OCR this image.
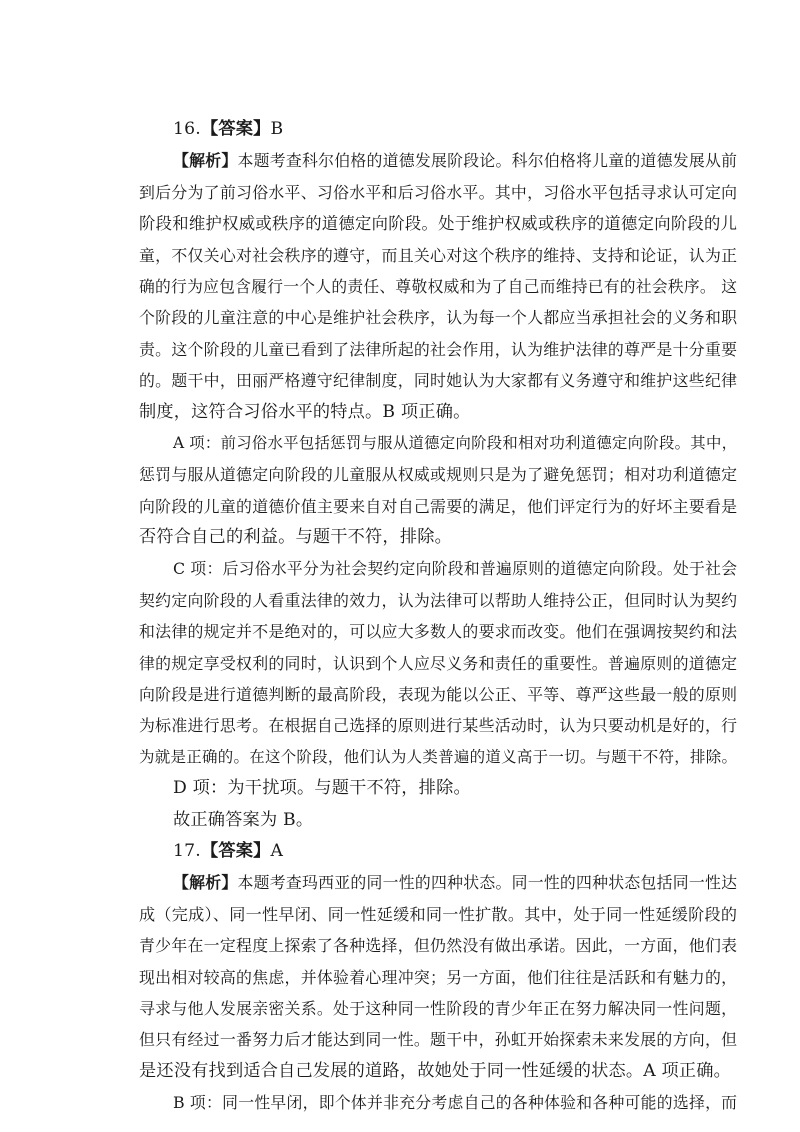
16.【答案】B
【解析】本题考查科尔伯格的道德发展阶段论。科尔伯格将儿童的道德发展从前
到后分为了前习俗水平、习俗水平和后习俗水平。其中，习俗水平包括寻求认可定向
阶段和维护权威或秩序的道德定向阶段。处于维护权威或秩序的道德定向阶段的儿
童，不仅关心对社会秩序的遵守，而且关心对这个秩序的维持、支持和论证，认为正
确的行为应包含履行一个人的责任、尊敬权威和为了自己而维持已有的社会秩序。 这
个阶段的儿童注意的中心是维护社会秩序，认为每一个人都应当承担社会的义务和职
责。这个阶段的儿童已看到了法律所起的社会作用，认为维护法律的尊严是十分重要
的。题干中，田丽严格遵守纪律制度，同时她认为大家都有义务遵守和维护这些纪律
制度，这符合习俗水平的特点。B 项正确。
A 项：前习俗水平包括惩罚与服从道德定向阶段和相对功利道德定向阶段。其中，
惩罚与服从道德定向阶段的儿童服从权威或规则只是为了避免惩罚；相对功利道德定
向阶段的儿童的道德价值主要来自对自己需要的满足，他们评定行为的好坏主要看是
否符合自己的利益。与题干不符，排除。
C 项：后习俗水平分为社会契约定向阶段和普遍原则的道德定向阶段。处于社会
契约定向阶段的人看重法律的效力，认为法律可以帮助人维持公正，但同时认为契约
和法律的规定并不是绝对的，可以应大多数人的要求而改变。他们在强调按契约和法
律的规定享受权利的同时，认识到个人应尽义务和责任的重要性。普遍原则的道德定
向阶段是进行道德判断的最高阶段，表现为能以公正、平等、尊严这些最一般的原则
为标准进行思考。在根据自己选择的原则进行某些活动时，认为只要动机是好的，行
为就是正确的。在这个阶段，他们认为人类普遍的道义高于一切。与题干不符，排除。
D 项：为干扰项。与题干不符，排除。
故正确答案为 B。
17.【答案】A
【解析】本题考查玛西亚的同一性的四种状态。同一性的四种状态包括同一性达
成（完成）、同一性早闭、同一性延缓和同一性扩散。其中，处于同一性延缓阶段的
青少年在一定程度上探索了各种选择，但仍然没有做出承诺。因此，一方面，他们表
现出相对较高的焦虑，并体验着心理冲突；另一方面，他们往往是活跃和有魅力的，
寻求与他人发展亲密关系。处于这种同一性阶段的青少年正在努力解决同一性问题，
但只有经过一番努力后才能达到同一性。题干中，孙虹开始探索未来发展的方向，但
是还没有找到适合自己发展的道路，故她处于同一性延缓的状态。A 项正确。
B 项：同一性早闭，即个体并非充分考虑自己的各种体验和各种可能的选择，而
